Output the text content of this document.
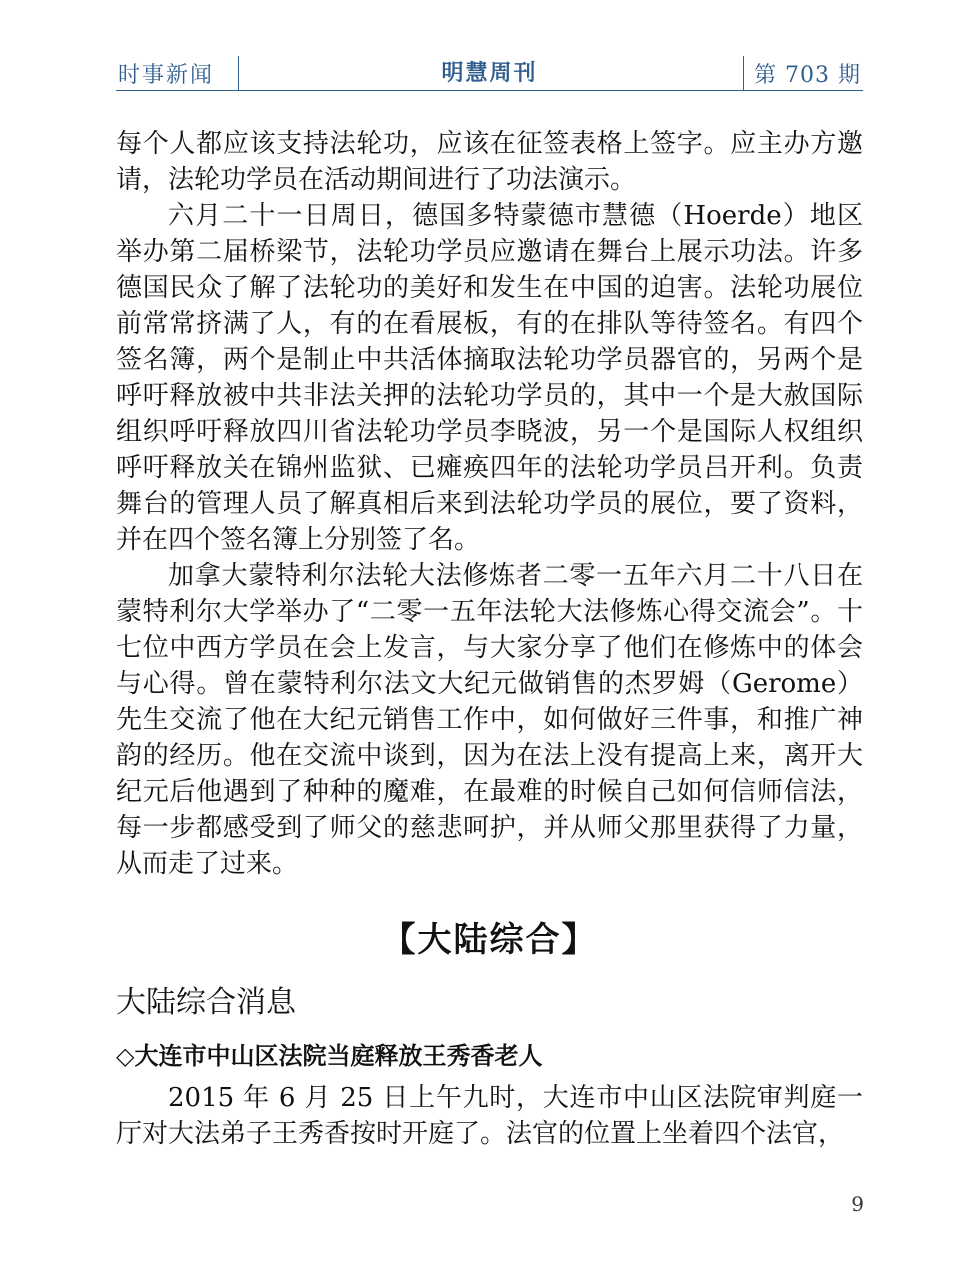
时事新闻	明慧周刊	第 703 期

每个人都应该支持法轮功，应该在征签表格上签字。应主办方邀请，法轮功学员在活动期间进行了功法演示。

六月二十一日周日，德国多特蒙德市慧德（Hoerde）地区举办第二届桥梁节，法轮功学员应邀请在舞台上展示功法。许多德国民众了解了法轮功的美好和发生在中国的迫害。法轮功展位前常常挤满了人，有的在看展板，有的在排队等待签名。有四个签名簿，两个是制止中共活体摘取法轮功学员器官的，另两个是呼吁释放被中共非法关押的法轮功学员的，其中一个是大赦国际组织呼吁释放四川省法轮功学员李晓波，另一个是国际人权组织呼吁释放关在锦州监狱、已瘫痪四年的法轮功学员吕开利。负责舞台的管理人员了解真相后来到法轮功学员的展位，要了资料，并在四个签名簿上分别签了名。

加拿大蒙特利尔法轮大法修炼者二零一五年六月二十八日在蒙特利尔大学举办了“二零一五年法轮大法修炼心得交流会”。十七位中西方学员在会上发言，与大家分享了他们在修炼中的体会与心得。曾在蒙特利尔法文大纪元做销售的杰罗姆（Gerome）先生交流了他在大纪元销售工作中，如何做好三件事，和推广神韵的经历。他在交流中谈到，因为在法上没有提高上来，离开大纪元后他遇到了种种的魔难，在最难的时候自己如何信师信法，每一步都感受到了师父的慈悲呵护，并从师父那里获得了力量，从而走了过来。

【大陆综合】
大陆综合消息
◇大连市中山区法院当庭释放王秀香老人

2015 年 6 月 25 日上午九时，大连市中山区法院审判庭一厅对大法弟子王秀香按时开庭了。法官的位置上坐着四个法官，

9
